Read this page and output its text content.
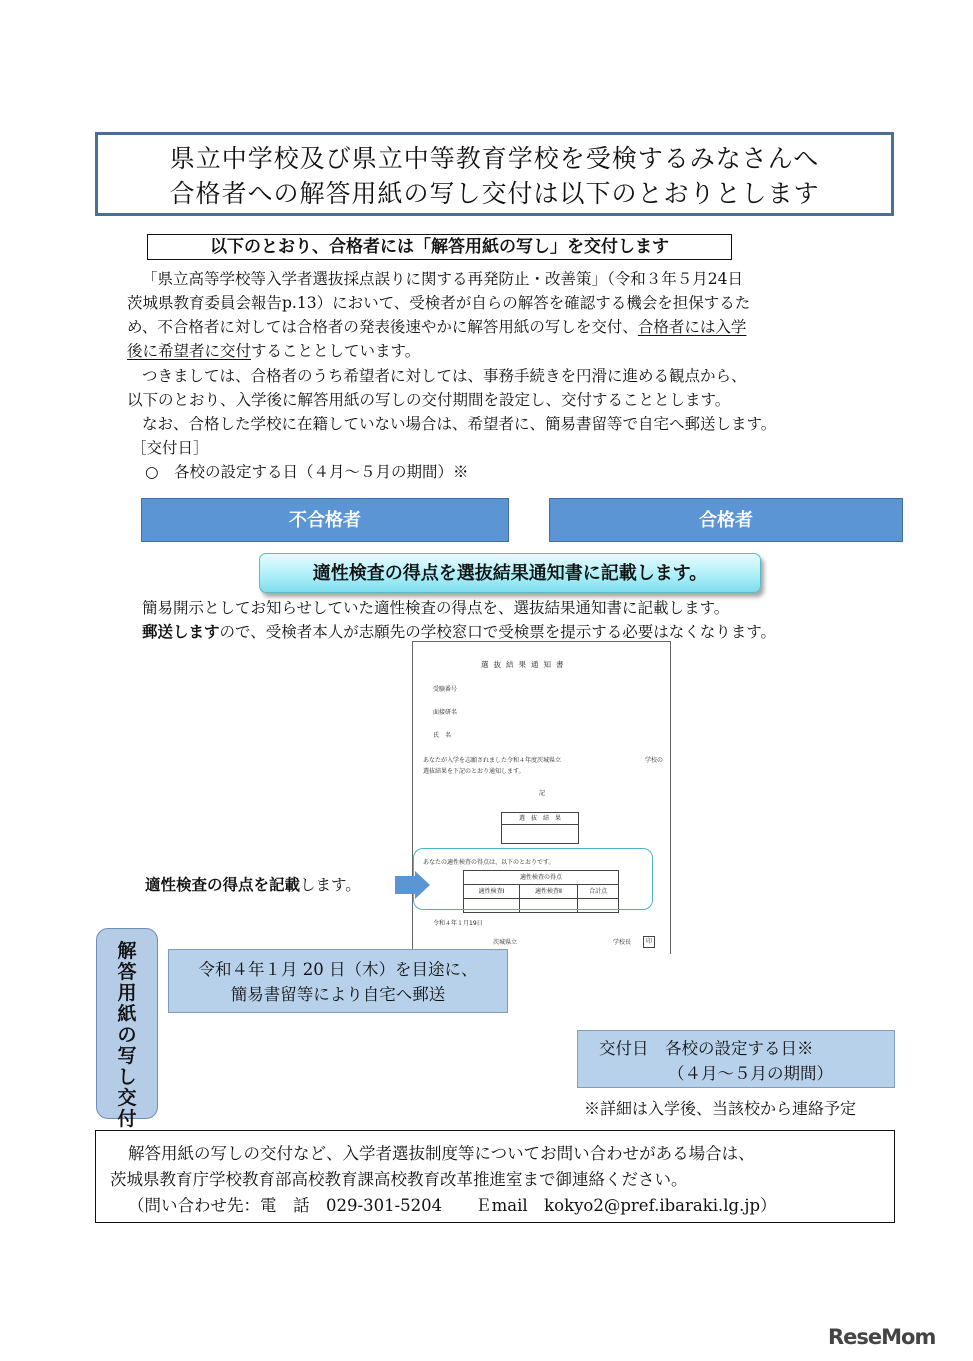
県立中学校及び県立中等教育学校を受検するみなさんへ
合格者への解答用紙の写し交付は以下のとおりとします
以下のとおり、合格者には「解答用紙の写し」を交付します
「県立高等学校等入学者選抜採点誤りに関する再発防止・改善策」（令和３年５月24日
茨城県教育委員会報告p.13）において、受検者が自らの解答を確認する機会を担保するた
め、不合格者に対しては合格者の発表後速やかに解答用紙の写しを交付、合格者には入学
後に希望者に交付することとしています。
つきましては、合格者のうち希望者に対しては、事務手続きを円滑に進める観点から、
以下のとおり、入学後に解答用紙の写しの交付期間を設定し、交付することとします。
なお、合格した学校に在籍していない場合は、希望者に、簡易書留等で自宅へ郵送します。
［交付日］
○　各校の設定する日（４月～５月の期間）※
不合格者	合格者
適性検査の得点を選抜結果通知書に記載します。
簡易開示としてお知らせしていた適性検査の得点を、選抜結果通知書に記載します。
郵送しますので、受検者本人が志願先の学校窓口で受検票を提示する必要はなくなります。
選抜結果通知書
受験番号
面接研名
氏　名
あなたが入学を志願されました令和４年度茨城県立	学校の
選抜結果を下記のとおり通知します。
記
選　抜　結　果
あなたの適性検査の得点は、以下のとおりです。
適性検査の得点		
適性検査Ⅰ	適性検査Ⅱ	合計点

令和４年１月19日
茨城県立	学校長	印
適性検査の得点を記載します。
解
答
用
紙
の
写
し
交
付
令和４年１月 20 日（木）を目途に、
簡易書留等により自宅へ郵送
交付日　各校の設定する日※
（４月～５月の期間）
※詳細は入学後、当該校から連絡予定
解答用紙の写しの交付など、入学者選抜制度等についてお問い合わせがある場合は、
茨城県教育庁学校教育部高校教育課高校教育改革推進室まで御連絡ください。
（問い合わせ先：電　話　029-301-5204　　Ｅmail　kokyo2@pref.ibaraki.lg.jp）
ReseMom
